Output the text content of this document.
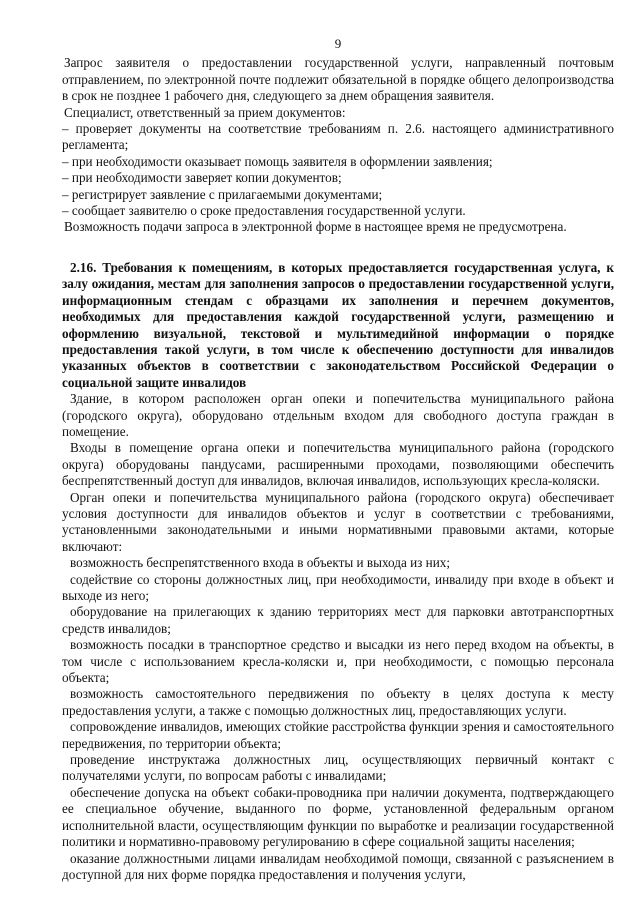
9

Запрос заявителя о предоставлении государственной услуги, направленный почтовым отправлением, по электронной почте подлежит обязательной в порядке общего делопроизводства в срок не позднее 1 рабочего дня, следующего за днем обращения заявителя.

Специалист, ответственный за прием документов:

– проверяет документы на соответствие требованиям п. 2.6. настоящего административного регламента;

– при необходимости оказывает помощь заявителя в оформлении заявления;

– при необходимости заверяет копии документов;

– регистрирует заявление с прилагаемыми документами;

– сообщает заявителю о сроке предоставления государственной услуги.

Возможность подачи запроса в электронной форме в настоящее время не предусмотрена.

2.16. Требования к помещениям, в которых предоставляется государственная услуга, к залу ожидания, местам для заполнения запросов о предоставлении государственной услуги, информационным стендам с образцами их заполнения и перечнем документов, необходимых для предоставления каждой государственной услуги, размещению и оформлению визуальной, текстовой и мультимедийной информации о порядке предоставления такой услуги, в том числе к обеспечению доступности для инвалидов указанных объектов в соответствии с законодательством Российской Федерации о социальной защите инвалидов

Здание, в котором расположен орган опеки и попечительства муниципального района (городского округа), оборудовано отдельным входом для свободного доступа граждан в помещение.

Входы в помещение органа опеки и попечительства муниципального района (городского округа) оборудованы пандусами, расширенными проходами, позволяющими обеспечить беспрепятственный доступ для инвалидов, включая инвалидов, использующих кресла-коляски.

Орган опеки и попечительства муниципального района (городского округа) обеспечивает условия доступности для инвалидов объектов и услуг в соответствии с требованиями, установленными законодательными и иными нормативными правовыми актами, которые включают:

возможность беспрепятственного входа в объекты и выхода из них;

содействие со стороны должностных лиц, при необходимости, инвалиду при входе в объект и выходе из него;

оборудование на прилегающих к зданию территориях мест для парковки автотранспортных средств инвалидов;

возможность посадки в транспортное средство и высадки из него перед входом на объекты, в том числе с использованием кресла-коляски и, при необходимости, с помощью персонала объекта;

возможность самостоятельного передвижения по объекту в целях доступа к месту предоставления услуги, а также с помощью должностных лиц, предоставляющих услуги.

сопровождение инвалидов, имеющих стойкие расстройства функции зрения и самостоятельного передвижения, по территории объекта;

проведение инструктажа должностных лиц, осуществляющих первичный контакт с получателями услуги, по вопросам работы с инвалидами;

обеспечение допуска на объект собаки-проводника при наличии документа, подтверждающего ее специальное обучение, выданного по форме, установленной федеральным органом исполнительной власти, осуществляющим функции по выработке и реализации государственной политики и нормативно-правовому регулированию в сфере социальной защиты населения;

оказание должностными лицами инвалидам необходимой помощи, связанной с разъяснением в доступной для них форме порядка предоставления и получения услуги,
